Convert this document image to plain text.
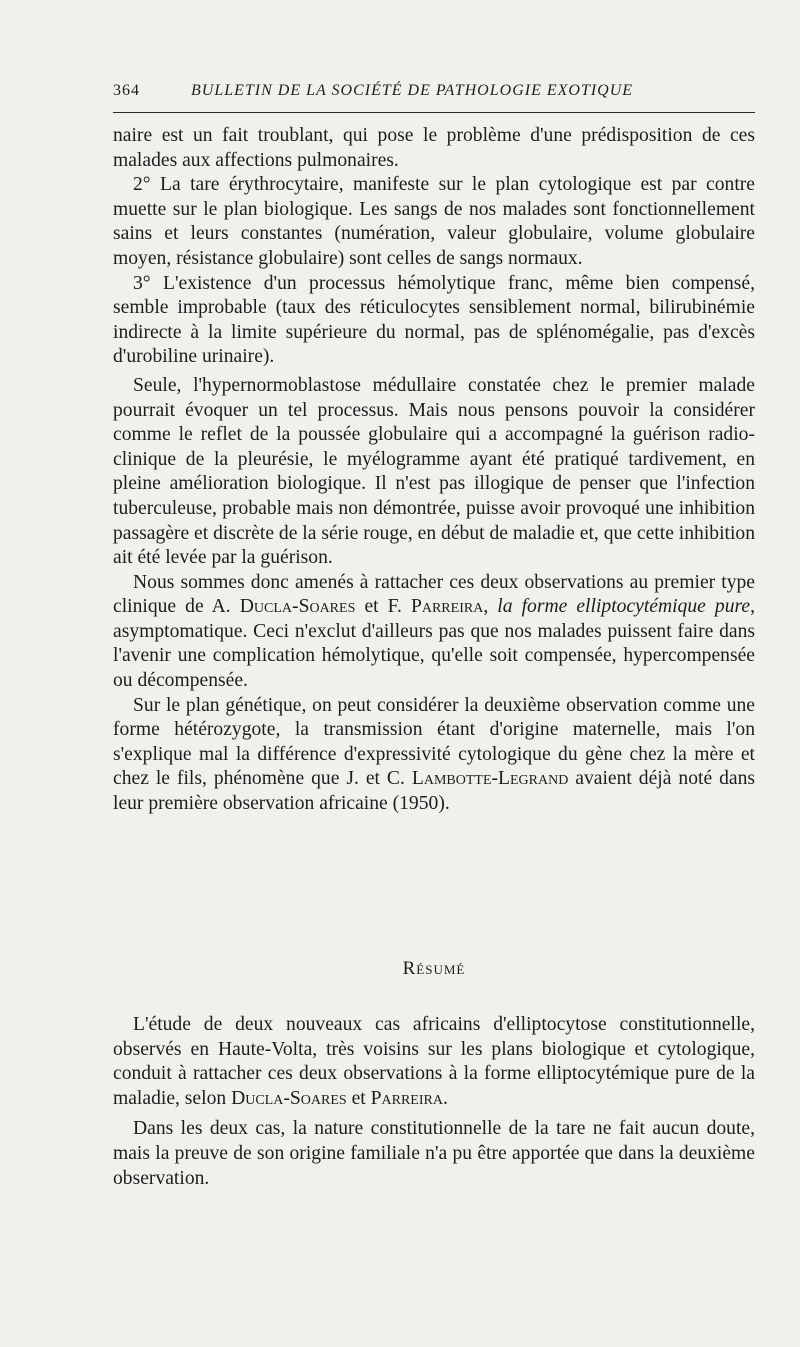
364	BULLETIN DE LA SOCIÉTÉ DE PATHOLOGIE EXOTIQUE

naire est un fait troublant, qui pose le problème d'une prédisposition de ces malades aux affections pulmonaires.

2° La tare érythrocytaire, manifeste sur le plan cytologique est par contre muette sur le plan biologique. Les sangs de nos malades sont fonctionnellement sains et leurs constantes (numération, valeur globulaire, volume globulaire moyen, résistance globulaire) sont celles de sangs normaux.

3° L'existence d'un processus hémolytique franc, même bien compensé, semble improbable (taux des réticulocytes sensiblement normal, bilirubinémie indirecte à la limite supérieure du normal, pas de splénomégalie, pas d'excès d'urobiline urinaire).

Seule, l'hypernormoblastose médullaire constatée chez le premier malade pourrait évoquer un tel processus. Mais nous pensons pouvoir la considérer comme le reflet de la poussée globulaire qui a accompagné la guérison radio-clinique de la pleurésie, le myélogramme ayant été pratiqué tardivement, en pleine amélioration biologique. Il n'est pas illogique de penser que l'infection tuberculeuse, probable mais non démontrée, puisse avoir provoqué une inhibition passagère et discrète de la série rouge, en début de maladie et, que cette inhibition ait été levée par la guérison.

Nous sommes donc amenés à rattacher ces deux observations au premier type clinique de A. Ducla-Soares et F. Parreira, la forme elliptocytémique pure, asymptomatique. Ceci n'exclut d'ailleurs pas que nos malades puissent faire dans l'avenir une complication hémolytique, qu'elle soit compensée, hypercompensée ou décompensée.

Sur le plan génétique, on peut considérer la deuxième observation comme une forme hétérozygote, la transmission étant d'origine maternelle, mais l'on s'explique mal la différence d'expressivité cytologique du gène chez la mère et chez le fils, phénomène que J. et C. Lambotte-Legrand avaient déjà noté dans leur première observation africaine (1950).

Résumé

L'étude de deux nouveaux cas africains d'elliptocytose constitutionnelle, observés en Haute-Volta, très voisins sur les plans biologique et cytologique, conduit à rattacher ces deux observations à la forme elliptocytémique pure de la maladie, selon Ducla-Soares et Parreira.

Dans les deux cas, la nature constitutionnelle de la tare ne fait aucun doute, mais la preuve de son origine familiale n'a pu être apportée que dans la deuxième observation.
